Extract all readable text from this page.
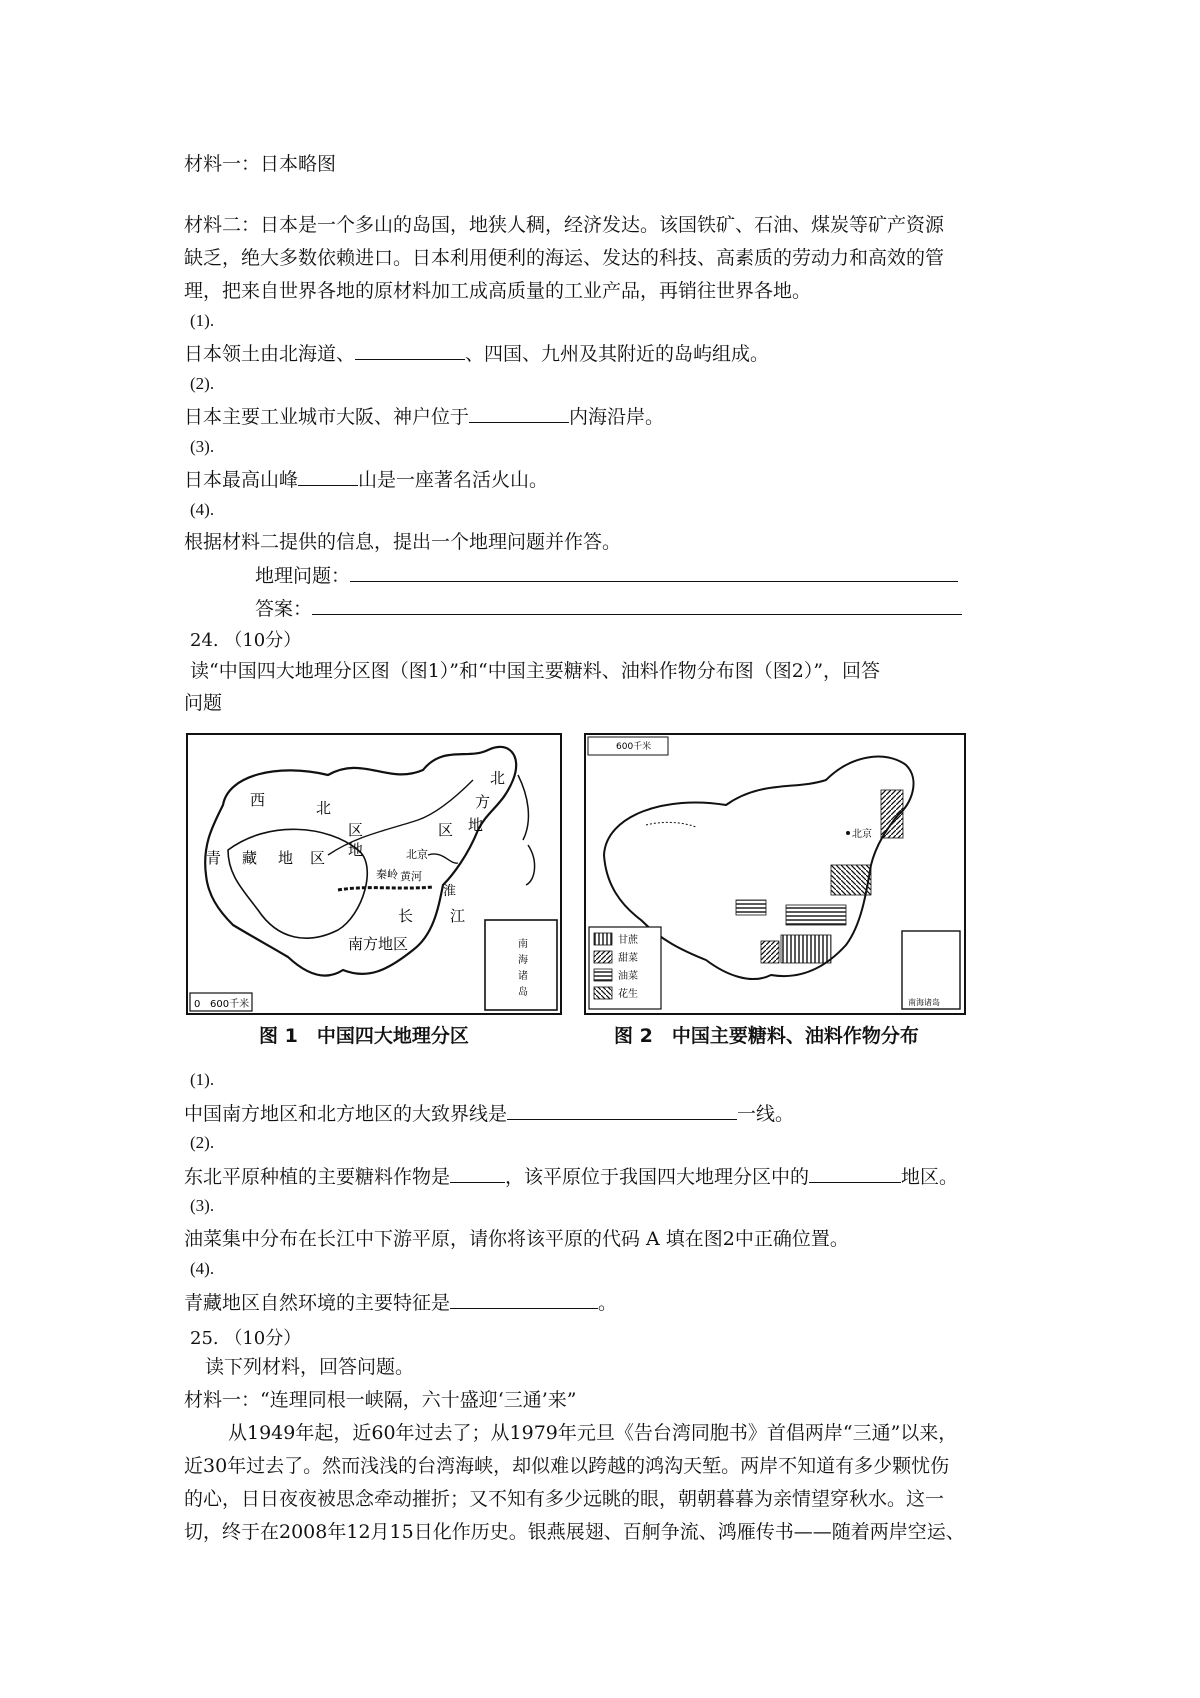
材料一：日本略图
材料二：日本是一个多山的岛国，地狭人稠，经济发达。该国铁矿、石油、煤炭等矿产资源
缺乏，绝大多数依赖进口。日本利用便利的海运、发达的科技、高素质的劳动力和高效的管
理，把来自世界各地的原材料加工成高质量的工业产品，再销往世界各地。
(1).
日本领土由北海道、	、四国、九州及其附近的岛屿组成。
(2).
日本主要工业城市大阪、神户位于	内海沿岸。
(3).
日本最高山峰	山是一座著名活火山。
(4).
根据材料二提供的信息，提出一个地理问题并作答。
地理问题：
答案：
24. （10分）
读“中国四大地理分区图（图1）”和“中国主要糖料、油料作物分布图（图2）”，回答
问题
西	北
区
北
方
地
区
地
青 藏 地 区
秦岭
北京
黄河
淮
长 江
南方地区	南
海
诸
岛
0 600千米
图 1　中国四大地理分区
600千米
北京
甘蔗
甜菜
油菜
花生
南海诸岛
图 2　中国主要糖料、油料作物分布
(1).
中国南方地区和北方地区的大致界线是	一线。
(2).
东北平原种植的主要糖料作物是	，该平原位于我国四大地理分区中的	地区。
(3).
油菜集中分布在长江中下游平原，请你将该平原的代码 A 填在图2中正确位置。
(4).
青藏地区自然环境的主要特征是	。
25. （10分）
读下列材料，回答问题。
材料一：“连理同根一峡隔，六十盛迎‘三通’来”
从1949年起，近60年过去了；从1979年元旦《告台湾同胞书》首倡两岸“三通”以来，
近30年过去了。然而浅浅的台湾海峡，却似难以跨越的鸿沟天堑。两岸不知道有多少颗忧伤
的心，日日夜夜被思念牵动摧折；又不知有多少远眺的眼，朝朝暮暮为亲情望穿秋水。这一
切，终于在2008年12月15日化作历史。银燕展翅、百舸争流、鸿雁传书——随着两岸空运、
